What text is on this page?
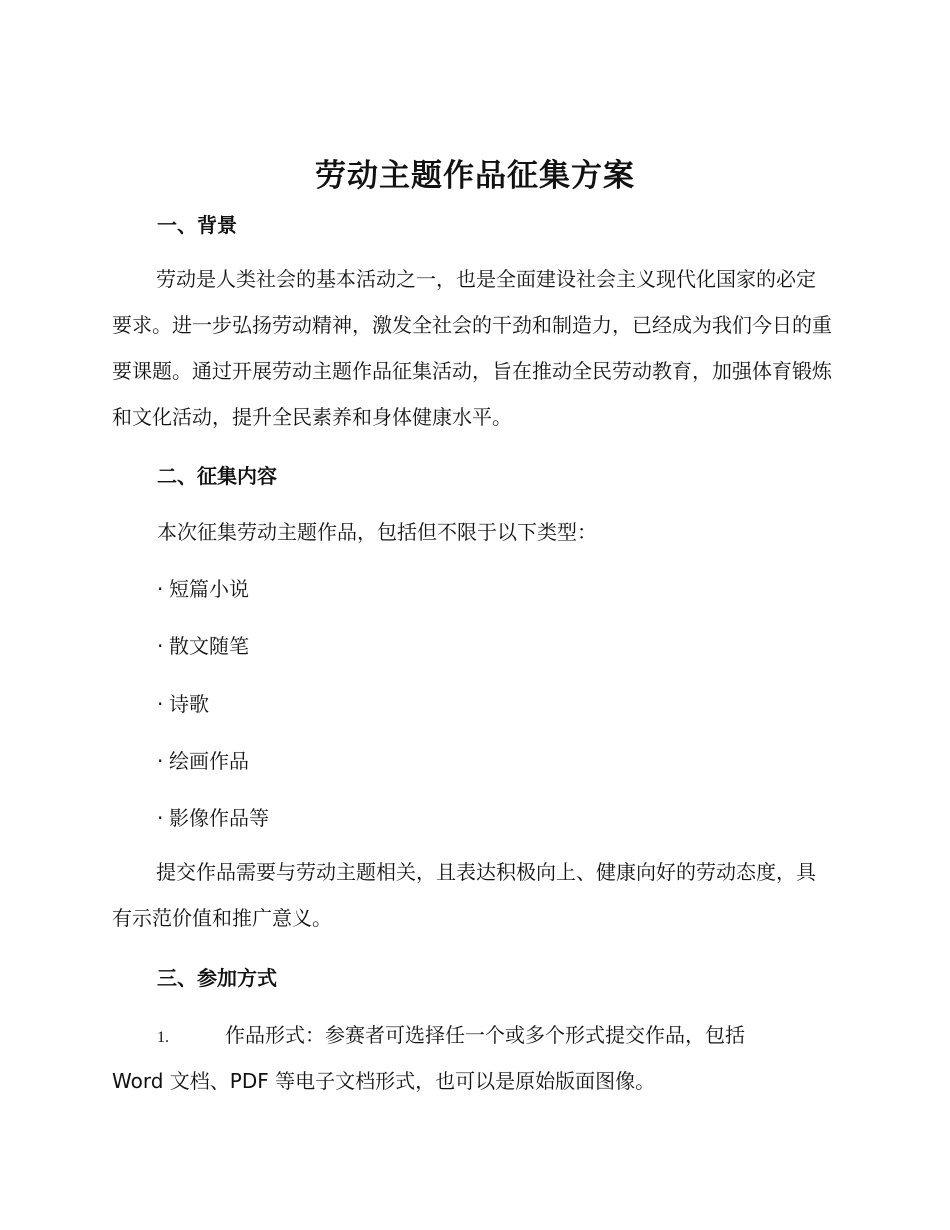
劳动主题作品征集方案
一、背景
劳动是人类社会的基本活动之一，也是全面建设社会主义现代化国家的必定要求。进一步弘扬劳动精神，激发全社会的干劲和制造力，已经成为我们今日的重要课题。通过开展劳动主题作品征集活动，旨在推动全民劳动教育，加强体育锻炼和文化活动，提升全民素养和身体健康水平。
二、征集内容
本次征集劳动主题作品，包括但不限于以下类型：
· 短篇小说
· 散文随笔
· 诗歌
· 绘画作品
· 影像作品等
提交作品需要与劳动主题相关，且表达积极向上、健康向好的劳动态度，具有示范价值和推广意义。
三、参加方式
1.	作品形式：参赛者可选择任一个或多个形式提交作品，包括
Word 文档、PDF 等电子文档形式，也可以是原始版面图像。
